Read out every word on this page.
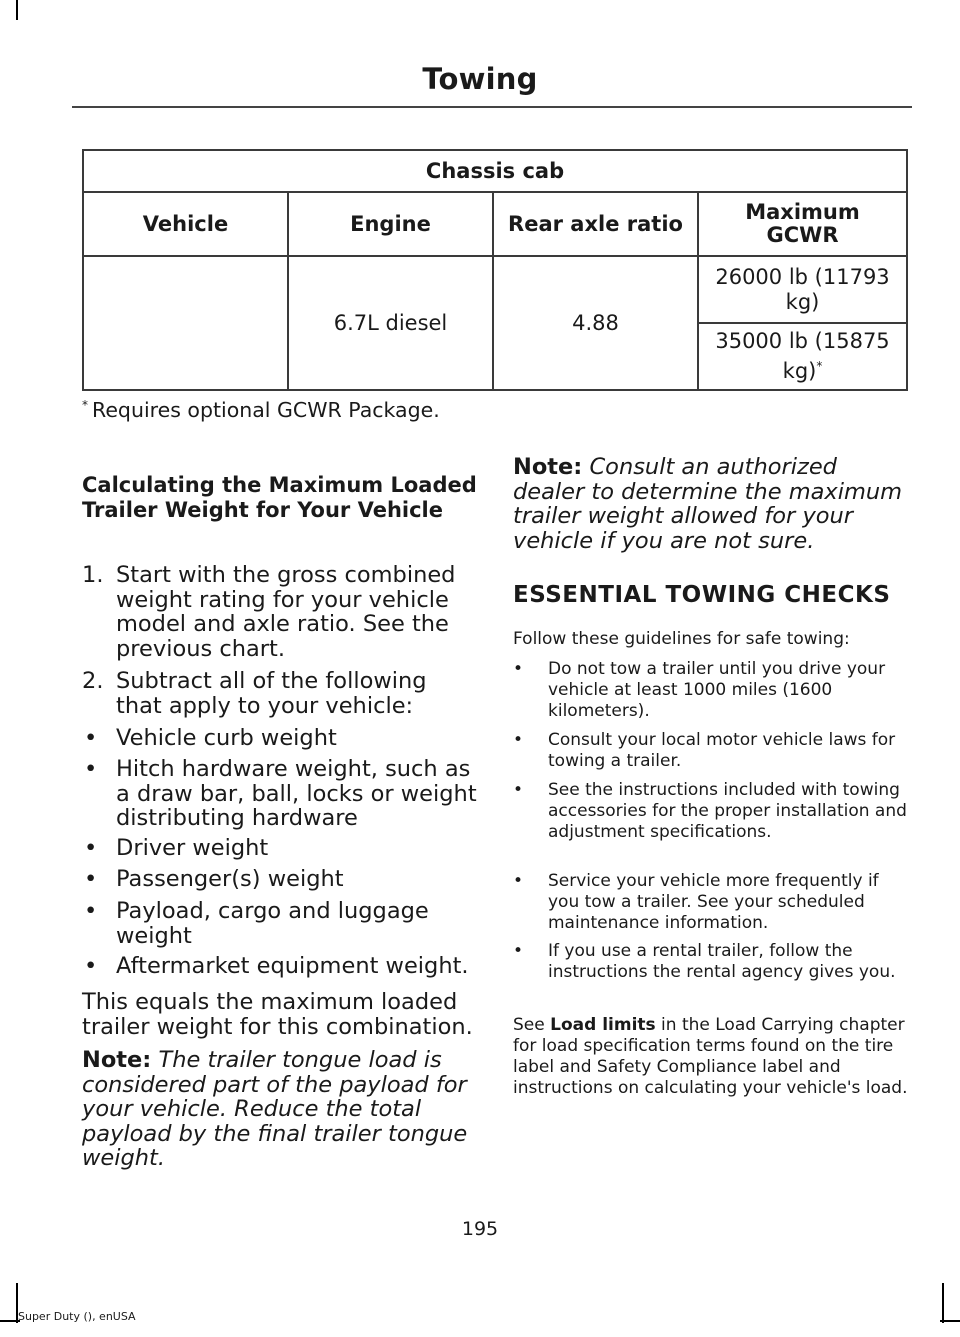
Towing
Chassis cab			
Vehicle	Engine	Rear axle ratio	Maximum GCWR
	6.7L diesel	4.88	26000 lb (11793 kg)
			35000 lb (15875 kg)*
* Requires optional GCWR Package.
Calculating the Maximum Loaded Trailer Weight for Your Vehicle
1. Start with the gross combined weight rating for your vehicle model and axle ratio. See the previous chart.
2. Subtract all of the following that apply to your vehicle:
• Vehicle curb weight
• Hitch hardware weight, such as a draw bar, ball, locks or weight distributing hardware
• Driver weight
• Passenger(s) weight
• Payload, cargo and luggage weight
• Aftermarket equipment weight.
This equals the maximum loaded trailer weight for this combination.
Note: The trailer tongue load is considered part of the payload for your vehicle. Reduce the total payload by the final trailer tongue weight.
Note: Consult an authorized dealer to determine the maximum trailer weight allowed for your vehicle if you are not sure.
ESSENTIAL TOWING CHECKS
Follow these guidelines for safe towing:
• Do not tow a trailer until you drive your vehicle at least 1000 miles (1600 kilometers).
• Consult your local motor vehicle laws for towing a trailer.
• See the instructions included with towing accessories for the proper installation and adjustment specifications.
• Service your vehicle more frequently if you tow a trailer. See your scheduled maintenance information.
• If you use a rental trailer, follow the instructions the rental agency gives you.
See Load limits in the Load Carrying chapter for load specification terms found on the tire label and Safety Compliance label and instructions on calculating your vehicle's load.
195
Super Duty (), enUSA
